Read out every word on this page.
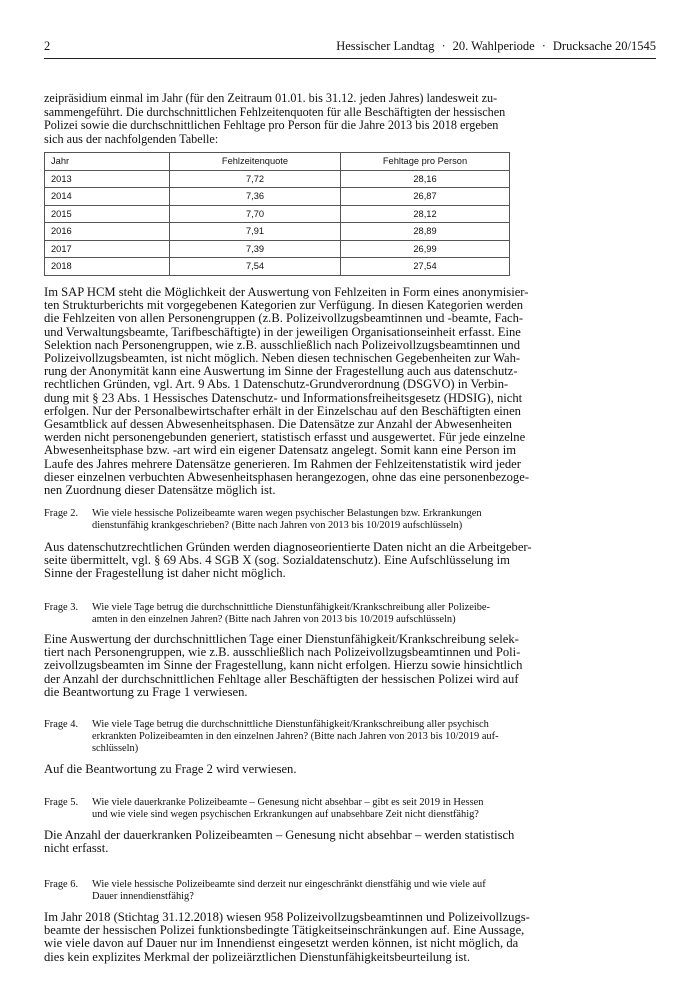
2	Hessischer Landtag · 20. Wahlperiode · Drucksache 20/1545
zeipräsidium einmal im Jahr (für den Zeitraum 01.01. bis 31.12. jeden Jahres) landesweit zu-
sammengeführt. Die durchschnittlichen Fehlzeitenquoten für alle Beschäftigten der hessischen
Polizei sowie die durchschnittlichen Fehltage pro Person für die Jahre 2013 bis 2018 ergeben
sich aus der nachfolgenden Tabelle:
Jahr	Fehlzeitenquote	Fehltage pro Person
2013	7,72	28,16
2014	7,36	26,87
2015	7,70	28,12
2016	7,91	28,89
2017	7,39	26,99
2018	7,54	27,54
Im SAP HCM steht die Möglichkeit der Auswertung von Fehlzeiten in Form eines anonymisier-
ten Strukturberichts mit vorgegebenen Kategorien zur Verfügung. In diesen Kategorien werden
die Fehlzeiten von allen Personengruppen (z.B. Polizeivollzugsbeamtinnen und -beamte, Fach-
und Verwaltungsbeamte, Tarifbeschäftigte) in der jeweiligen Organisationseinheit erfasst. Eine
Selektion nach Personengruppen, wie z.B. ausschließlich nach Polizeivollzugsbeamtinnen und
Polizeivollzugsbeamten, ist nicht möglich. Neben diesen technischen Gegebenheiten zur Wah-
rung der Anonymität kann eine Auswertung im Sinne der Fragestellung auch aus datenschutz-
rechtlichen Gründen, vgl. Art. 9 Abs. 1 Datenschutz-Grundverordnung (DSGVO) in Verbin-
dung mit § 23 Abs. 1 Hessisches Datenschutz- und Informationsfreiheitsgesetz (HDSIG), nicht
erfolgen. Nur der Personalbewirtschafter erhält in der Einzelschau auf den Beschäftigten einen
Gesamtblick auf dessen Abwesenheitsphasen. Die Datensätze zur Anzahl der Abwesenheiten
werden nicht personengebunden generiert, statistisch erfasst und ausgewertet. Für jede einzelne
Abwesenheitsphase bzw. -art wird ein eigener Datensatz angelegt. Somit kann eine Person im
Laufe des Jahres mehrere Datensätze generieren. Im Rahmen der Fehlzeitenstatistik wird jeder
dieser einzelnen verbuchten Abwesenheitsphasen herangezogen, ohne das eine personenbezoge-
nen Zuordnung dieser Datensätze möglich ist.
Frage 2. Wie viele hessische Polizeibeamte waren wegen psychischer Belastungen bzw. Erkrankungen
dienstunfähig krankgeschrieben? (Bitte nach Jahren von 2013 bis 10/2019 aufschlüsseln)
Aus datenschutzrechtlichen Gründen werden diagnoseorientierte Daten nicht an die Arbeitgeber-
seite übermittelt, vgl. § 69 Abs. 4 SGB X (sog. Sozialdatenschutz). Eine Aufschlüsselung im
Sinne der Fragestellung ist daher nicht möglich.
Frage 3. Wie viele Tage betrug die durchschnittliche Dienstunfähigkeit/Krankschreibung aller Polizeibe-
amten in den einzelnen Jahren? (Bitte nach Jahren von 2013 bis 10/2019 aufschlüsseln)
Eine Auswertung der durchschnittlichen Tage einer Dienstunfähigkeit/Krankschreibung selek-
tiert nach Personengruppen, wie z.B. ausschließlich nach Polizeivollzugsbeamtinnen und Poli-
zeivollzugsbeamten im Sinne der Fragestellung, kann nicht erfolgen. Hierzu sowie hinsichtlich
der Anzahl der durchschnittlichen Fehltage aller Beschäftigten der hessischen Polizei wird auf
die Beantwortung zu Frage 1 verwiesen.
Frage 4. Wie viele Tage betrug die durchschnittliche Dienstunfähigkeit/Krankschreibung aller psychisch
erkrankten Polizeibeamten in den einzelnen Jahren? (Bitte nach Jahren von 2013 bis 10/2019 auf-
schlüsseln)
Auf die Beantwortung zu Frage 2 wird verwiesen.
Frage 5. Wie viele dauerkranke Polizeibeamte – Genesung nicht absehbar – gibt es seit 2019 in Hessen
und wie viele sind wegen psychischen Erkrankungen auf unabsehbare Zeit nicht dienstfähig?
Die Anzahl der dauerkranken Polizeibeamten – Genesung nicht absehbar – werden statistisch
nicht erfasst.
Frage 6. Wie viele hessische Polizeibeamte sind derzeit nur eingeschränkt dienstfähig und wie viele auf
Dauer innendienstfähig?
Im Jahr 2018 (Stichtag 31.12.2018) wiesen 958 Polizeivollzugsbeamtinnen und Polizeivollzugs-
beamte der hessischen Polizei funktionsbedingte Tätigkeitseinschränkungen auf. Eine Aussage,
wie viele davon auf Dauer nur im Innendienst eingesetzt werden können, ist nicht möglich, da
dies kein explizites Merkmal der polizeiärztlichen Dienstunfähigkeitsbeurteilung ist.
